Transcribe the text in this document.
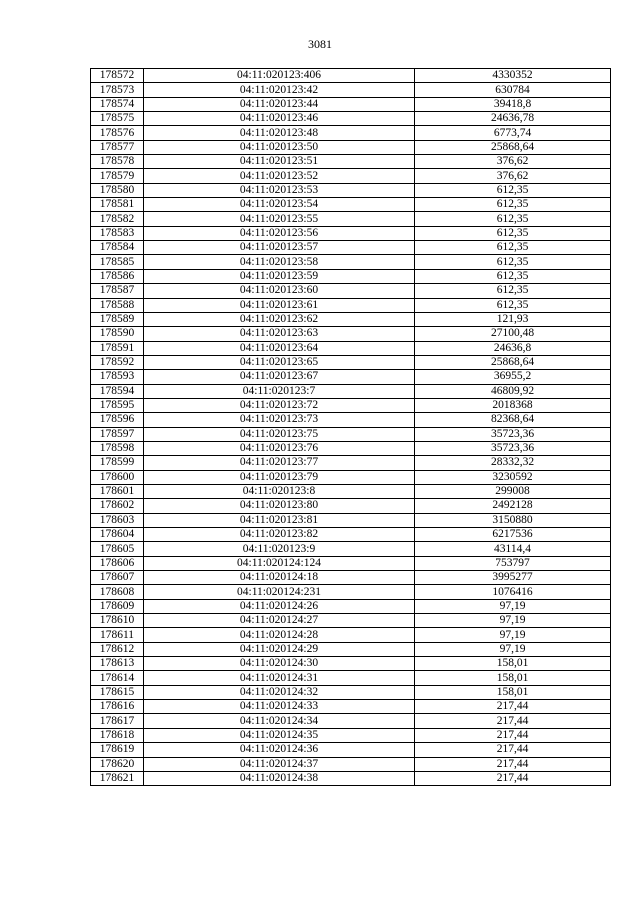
3081
178572	04:11:020123:406	4330352
178573	04:11:020123:42	630784
178574	04:11:020123:44	39418,8
178575	04:11:020123:46	24636,78
178576	04:11:020123:48	6773,74
178577	04:11:020123:50	25868,64
178578	04:11:020123:51	376,62
178579	04:11:020123:52	376,62
178580	04:11:020123:53	612,35
178581	04:11:020123:54	612,35
178582	04:11:020123:55	612,35
178583	04:11:020123:56	612,35
178584	04:11:020123:57	612,35
178585	04:11:020123:58	612,35
178586	04:11:020123:59	612,35
178587	04:11:020123:60	612,35
178588	04:11:020123:61	612,35
178589	04:11:020123:62	121,93
178590	04:11:020123:63	27100,48
178591	04:11:020123:64	24636,8
178592	04:11:020123:65	25868,64
178593	04:11:020123:67	36955,2
178594	04:11:020123:7	46809,92
178595	04:11:020123:72	2018368
178596	04:11:020123:73	82368,64
178597	04:11:020123:75	35723,36
178598	04:11:020123:76	35723,36
178599	04:11:020123:77	28332,32
178600	04:11:020123:79	3230592
178601	04:11:020123:8	299008
178602	04:11:020123:80	2492128
178603	04:11:020123:81	3150880
178604	04:11:020123:82	6217536
178605	04:11:020123:9	43114,4
178606	04:11:020124:124	753797
178607	04:11:020124:18	3995277
178608	04:11:020124:231	1076416
178609	04:11:020124:26	97,19
178610	04:11:020124:27	97,19
178611	04:11:020124:28	97,19
178612	04:11:020124:29	97,19
178613	04:11:020124:30	158,01
178614	04:11:020124:31	158,01
178615	04:11:020124:32	158,01
178616	04:11:020124:33	217,44
178617	04:11:020124:34	217,44
178618	04:11:020124:35	217,44
178619	04:11:020124:36	217,44
178620	04:11:020124:37	217,44
178621	04:11:020124:38	217,44
